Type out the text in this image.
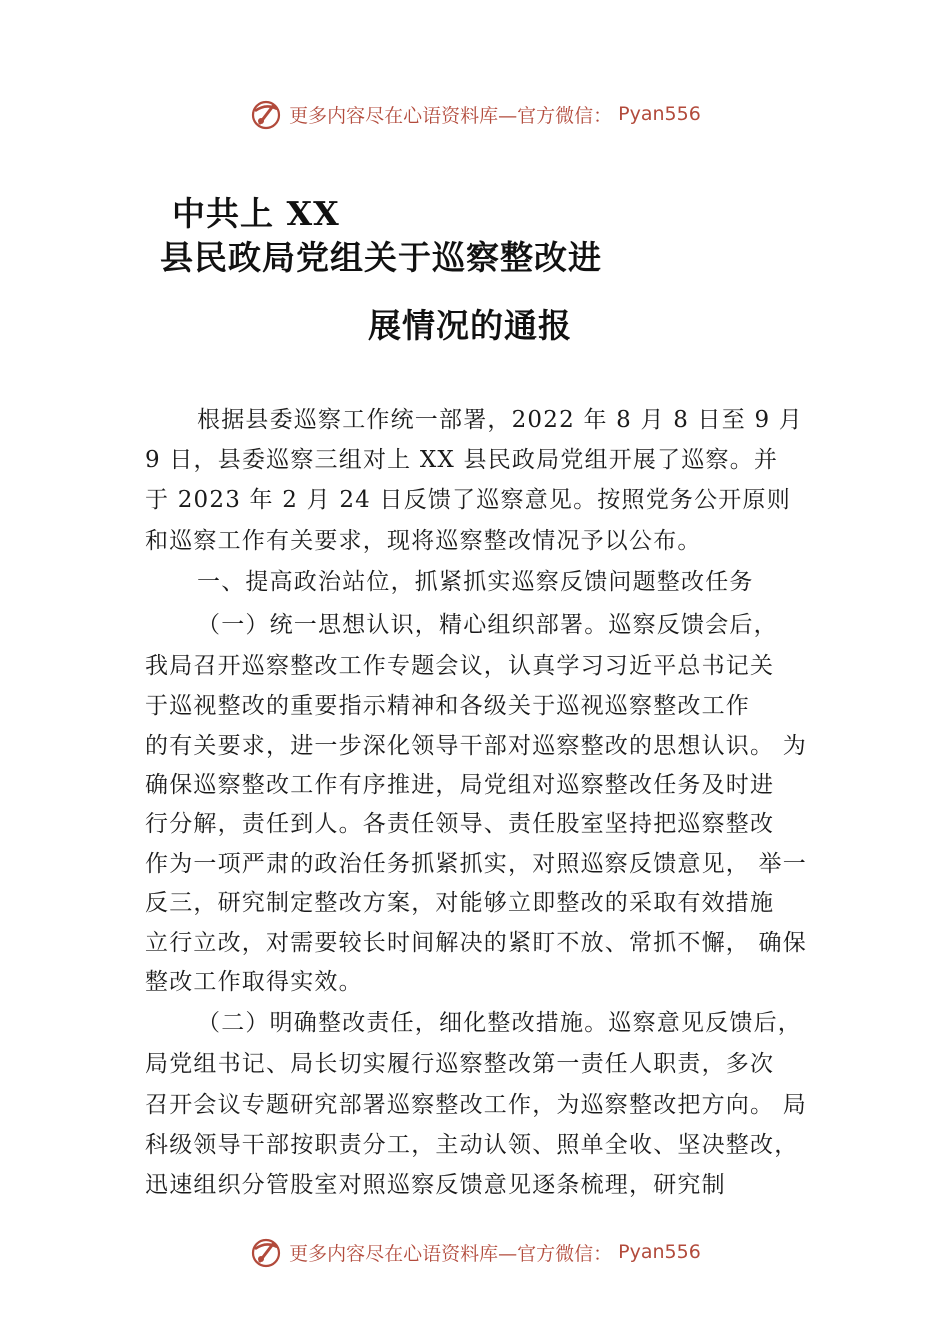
更多内容尽在心语资料库—官方微信： Pyan556
中共上 XX
县民政局党组关于巡察整改进
展情况的通报
根据县委巡察工作统一部署，2022 年 8 月 8 日至 9 月
9 日，县委巡察三组对上 XX 县民政局党组开展了巡察。并
于 2023 年 2 月 24 日反馈了巡察意见。按照党务公开原则
和巡察工作有关要求，现将巡察整改情况予以公布。
一、提高政治站位，抓紧抓实巡察反馈问题整改任务
（一）统一思想认识，精心组织部署。巡察反馈会后，
我局召开巡察整改工作专题会议，认真学习习近平总书记关
于巡视整改的重要指示精神和各级关于巡视巡察整改工作
的有关要求，进一步深化领导干部对巡察整改的思想认识。 为
确保巡察整改工作有序推进，局党组对巡察整改任务及时进
行分解，责任到人。各责任领导、责任股室坚持把巡察整改
作为一项严肃的政治任务抓紧抓实，对照巡察反馈意见， 举一
反三，研究制定整改方案，对能够立即整改的采取有效措施
立行立改，对需要较长时间解决的紧盯不放、常抓不懈， 确保
整改工作取得实效。
（二）明确整改责任，细化整改措施。巡察意见反馈后，
局党组书记、局长切实履行巡察整改第一责任人职责，多次
召开会议专题研究部署巡察整改工作，为巡察整改把方向。 局
科级领导干部按职责分工，主动认领、照单全收、坚决整改，
迅速组织分管股室对照巡察反馈意见逐条梳理，研究制
更多内容尽在心语资料库—官方微信： Pyan556
